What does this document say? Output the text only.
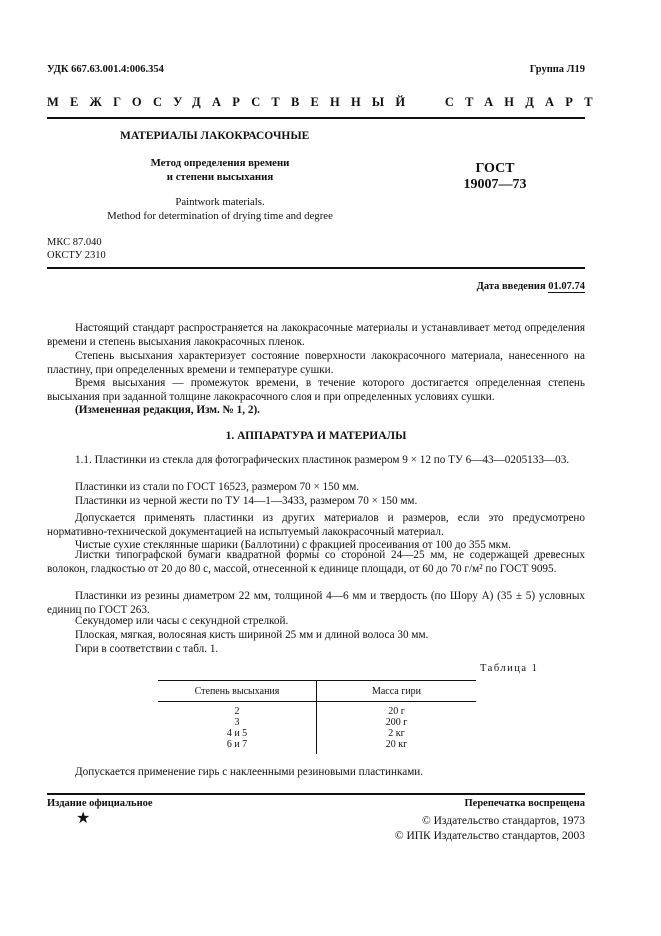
УДК 667.63.001.4:006.354	Группа Л19
МЕЖГОСУДАРСТВЕННЫЙ  СТАНДАРТ
МАТЕРИАЛЫ ЛАКОКРАСОЧНЫЕ
Метод определения времени
и степени высыхания
Paintwork materials.
Method for determination of drying time and degree
ГОСТ
19007—73
МКС 87.040
ОКСТУ 2310
Дата введения 01.07.74
Настоящий стандарт распространяется на лакокрасочные материалы и устанавливает метод определения времени и степень высыхания лакокрасочных пленок.
Степень высыхания характеризует состояние поверхности лакокрасочного материала, нанесенного на пластину, при определенных времени и температуре сушки.
Время высыхания — промежуток времени, в течение которого достигается определенная степень высыхания при заданной толщине лакокрасочного слоя и при определенных условиях сушки.
(Измененная редакция, Изм. № 1, 2).
1. АППАРАТУРА И МАТЕРИАЛЫ
1.1. Пластинки из стекла для фотографических пластинок размером 9 × 12 по ТУ 6—43—0205133—03.
Пластинки из стали по ГОСТ 16523, размером 70 × 150 мм.
Пластинки из черной жести по ТУ 14—1—3433, размером 70 × 150 мм.
Допускается применять пластинки из других материалов и размеров, если это предусмотрено нормативно-технической документацией на испытуемый лакокрасочный материал.
Чистые сухие стеклянные шарики (Баллотини) с фракцией просеивания от 100 до 355 мкм.
Листки типографской бумаги квадратной формы со стороной 24—25 мм, не содержащей древесных волокон, гладкостью от 20 до 80 с, массой, отнесенной к единице площади, от 60 до 70 г/м² по ГОСТ 9095.
Пластинки из резины диаметром 22 мм, толщиной 4—6 мм и твердость (по Шору А) (35 ± 5) условных единиц по ГОСТ 263.
Секундомер или часы с секундной стрелкой.
Плоская, мягкая, волосяная кисть шириной 25 мм и длиной волоса 30 мм.
Гири в соответствии с табл. 1.
Таблица 1
Степень высыхания	Масса гири
2	20 г
3	200 г
4 и 5	2 кг
6 и 7	20 кг
Допускается применение гирь с наклеенными резиновыми пластинками.
Издание официальное	Перепечатка воспрещена
★	© Издательство стандартов, 1973
© ИПК Издательство стандартов, 2003
